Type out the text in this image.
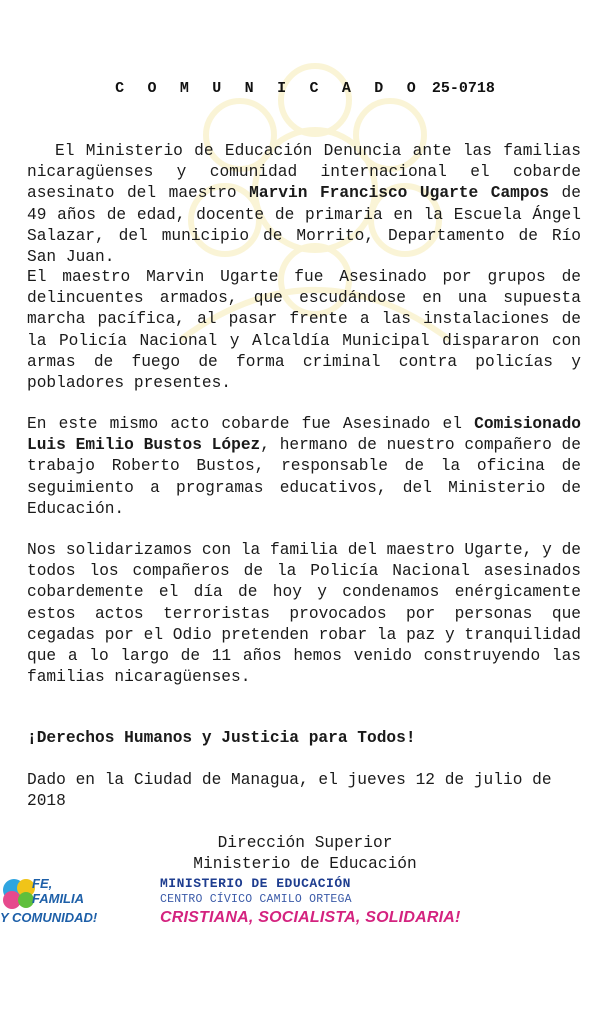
C O M U N I C A D O 25-0718

El Ministerio de Educación Denuncia ante las familias nicaragüenses y comunidad internacional el cobarde asesinato del maestro Marvin Francisco Ugarte Campos de 49 años de edad, docente de primaria en la Escuela Ángel Salazar, del municipio de Morrito, Departamento de Río San Juan.

El maestro Marvin Ugarte fue Asesinado por grupos de delincuentes armados, que escudándose en una supuesta marcha pacífica, al pasar frente a las instalaciones de la Policía Nacional y Alcaldía Municipal dispararon con armas de fuego de forma criminal contra policías y pobladores presentes.

En este mismo acto cobarde fue Asesinado el Comisionado Luis Emilio Bustos López, hermano de nuestro compañero de trabajo Roberto Bustos, responsable de la oficina de seguimiento a programas educativos, del Ministerio de Educación.

Nos solidarizamos con la familia del maestro Ugarte, y de todos los compañeros de la Policía Nacional asesinados cobardemente el día de hoy y condenamos enérgicamente estos actos terroristas provocados por personas que cegadas por el Odio pretenden robar la paz y tranquilidad que a lo largo de 11 años hemos venido construyendo las familias nicaragüenses.

¡Derechos Humanos y Justicia para Todos!

Dado en la Ciudad de Managua, el jueves 12 de julio de 2018

Dirección Superior
Ministerio de Educación
FE,
FAMILIA
Y COMUNIDAD!
MINISTERIO DE EDUCACIÓN
CENTRO CÍVICO CAMILO ORTEGA
CRISTIANA, SOCIALISTA, SOLIDARIA!
